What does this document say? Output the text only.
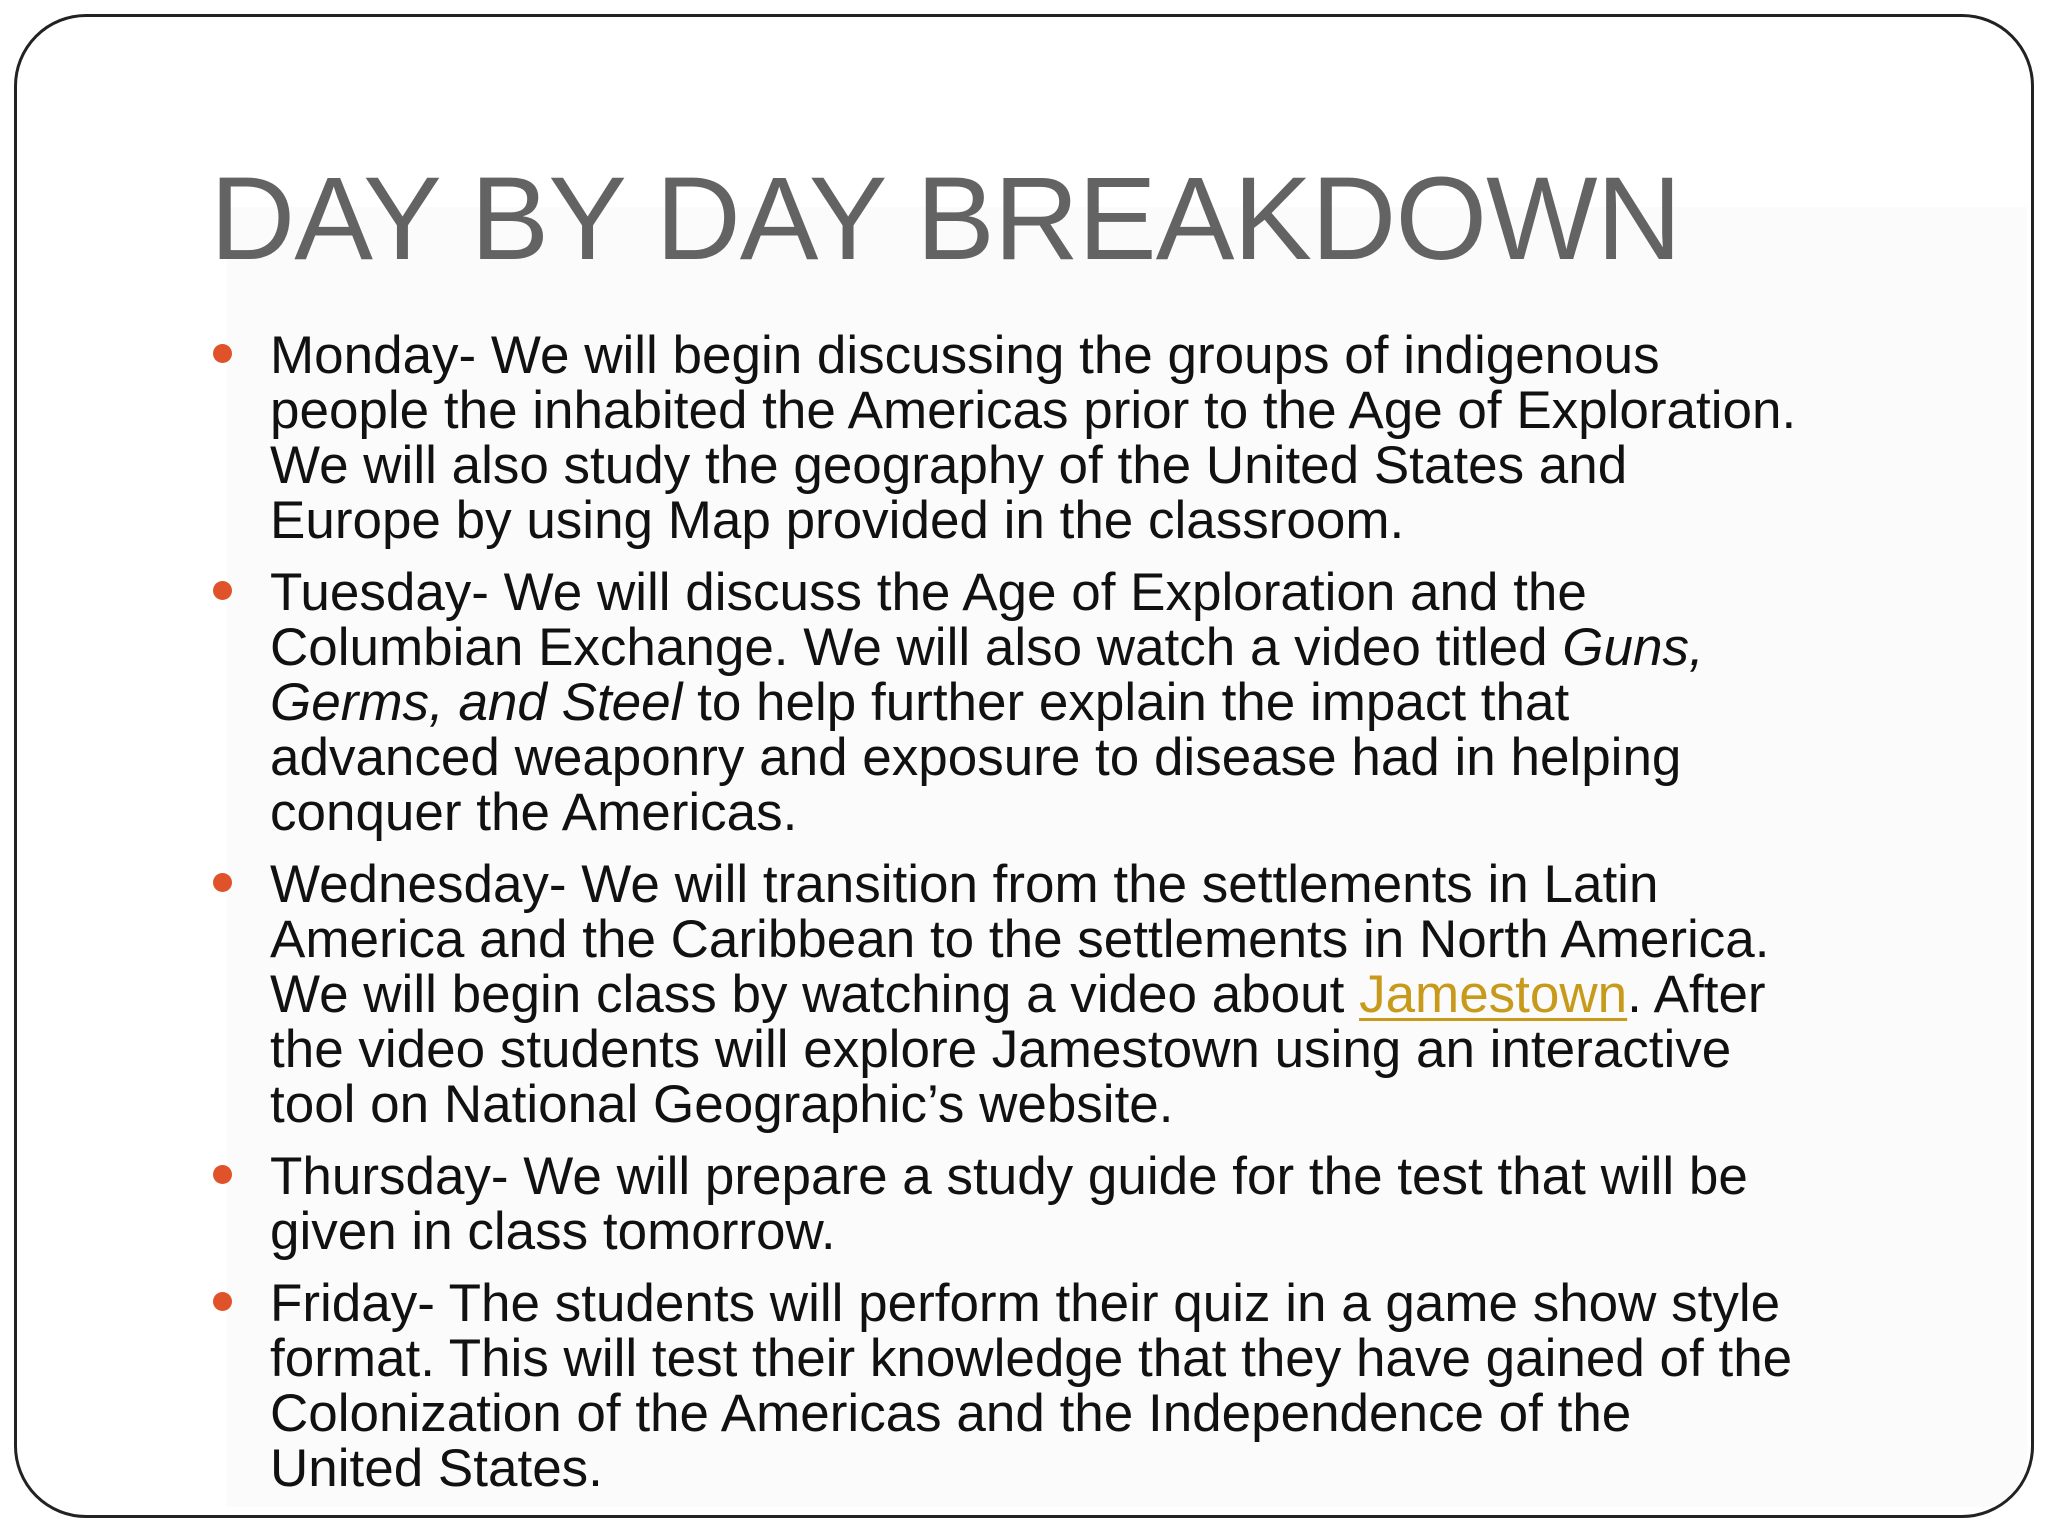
DAY BY DAY BREAKDOWN
Monday- We will begin discussing the groups of indigenous
people the inhabited the Americas prior to the Age of Exploration.
We will also study the geography of the United States and
Europe by using Map provided in the classroom.
Tuesday- We will discuss the Age of Exploration and the
Columbian Exchange. We will also watch a video titled Guns,
Germs, and Steel to help further explain the impact that
advanced weaponry and exposure to disease had in helping
conquer the Americas.
Wednesday- We will transition from the settlements in Latin
America and the Caribbean to the settlements in North America.
We will begin class by watching a video about Jamestown. After
the video students will explore Jamestown using an interactive
tool on National Geographic’s website.
Thursday- We will prepare a study guide for the test that will be
given in class tomorrow.
Friday- The students will perform their quiz in a game show style
format. This will test their knowledge that they have gained of the
Colonization of the Americas and the Independence of the
United States.
